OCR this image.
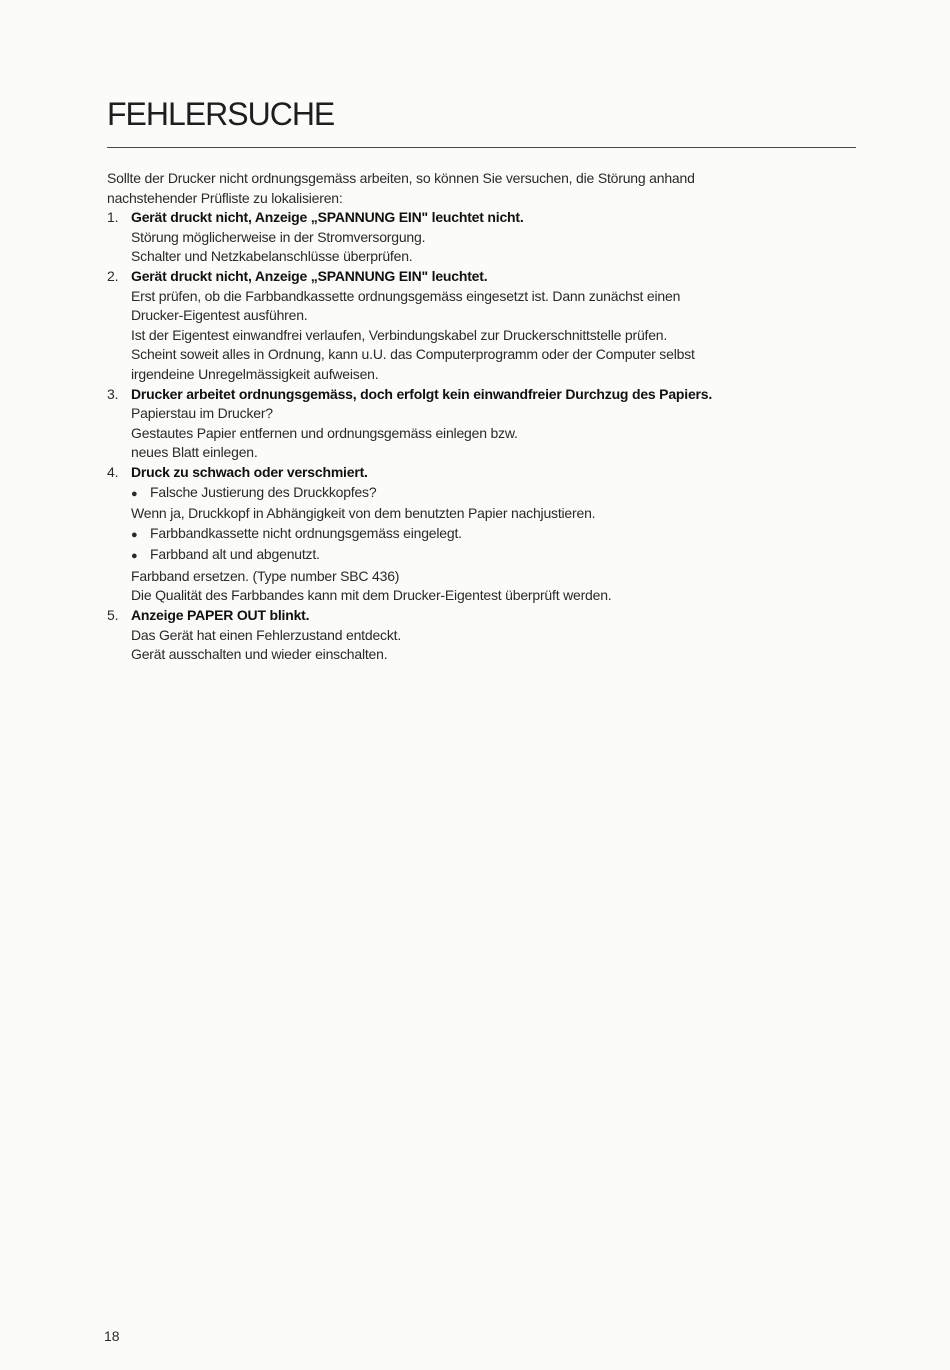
FEHLERSUCHE

Sollte der Drucker nicht ordnungsgemäss arbeiten, so können Sie versuchen, die Störung anhand
nachstehender Prüfliste zu lokalisieren:

1. Gerät druckt nicht, Anzeige „SPANNUNG EIN" leuchtet nicht.
Störung möglicherweise in der Stromversorgung.
Schalter und Netzkabelanschlüsse überprüfen.
2. Gerät druckt nicht, Anzeige „SPANNUNG EIN" leuchtet.
Erst prüfen, ob die Farbbandkassette ordnungsgemäss eingesetzt ist. Dann zunächst einen
Drucker-Eigentest ausführen.
Ist der Eigentest einwandfrei verlaufen, Verbindungskabel zur Druckerschnittstelle prüfen.
Scheint soweit alles in Ordnung, kann u.U. das Computerprogramm oder der Computer selbst
irgendeine Unregelmässigkeit aufweisen.
3. Drucker arbeitet ordnungsgemäss, doch erfolgt kein einwandfreier Durchzug des Papiers.
Papierstau im Drucker?
Gestautes Papier entfernen und ordnungsgemäss einlegen bzw.
neues Blatt einlegen.
4. Druck zu schwach oder verschmiert.
● Falsche Justierung des Druckkopfes?
Wenn ja, Druckkopf in Abhängigkeit von dem benutzten Papier nachjustieren.
● Farbbandkassette nicht ordnungsgemäss eingelegt.
● Farbband alt und abgenutzt.
Farbband ersetzen. (Type number SBC 436)
Die Qualität des Farbbandes kann mit dem Drucker-Eigentest überprüft werden.
5. Anzeige PAPER OUT blinkt.
Das Gerät hat einen Fehlerzustand entdeckt.
Gerät ausschalten und wieder einschalten.
18
